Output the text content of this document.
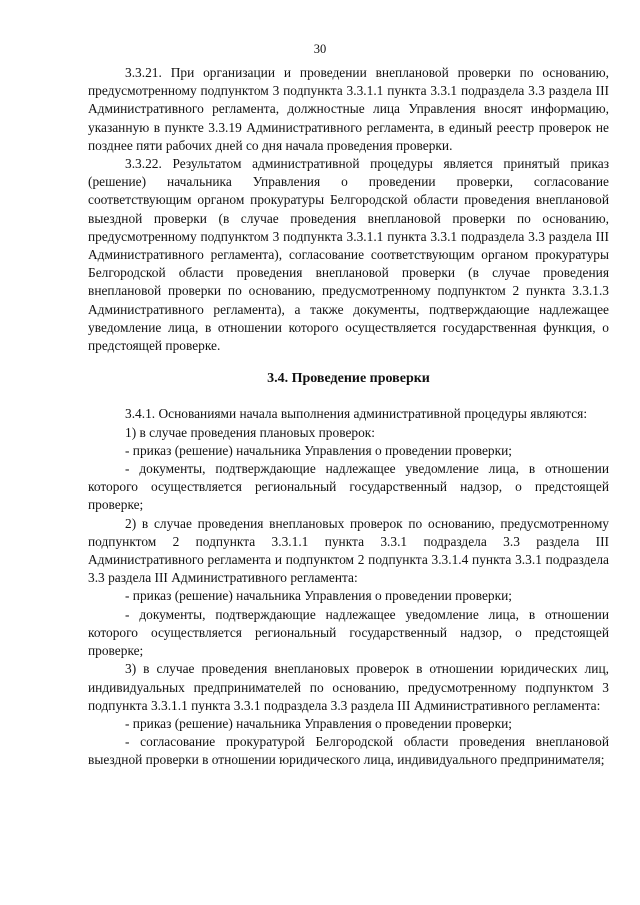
30

3.3.21. При организации и проведении внеплановой проверки по основанию, предусмотренному подпунктом 3 подпункта 3.3.1.1 пункта 3.3.1 подраздела 3.3 раздела III Административного регламента, должностные лица Управления вносят информацию, указанную в пункте 3.3.19 Административного регламента, в единый реестр проверок не позднее пяти рабочих дней со дня начала проведения проверки.

3.3.22. Результатом административной процедуры является принятый приказ (решение) начальника Управления о проведении проверки, согласование соответствующим органом прокуратуры Белгородской области проведения внеплановой выездной проверки (в случае проведения внеплановой проверки по основанию, предусмотренному подпунктом 3 подпункта 3.3.1.1 пункта 3.3.1 подраздела 3.3 раздела III Административного регламента), согласование соответствующим органом прокуратуры Белгородской области проведения внеплановой проверки (в случае проведения внеплановой проверки по основанию, предусмотренному подпунктом 2 пункта 3.3.1.3 Административного регламента), а также документы, подтверждающие надлежащее уведомление лица, в отношении которого осуществляется государственная функция, о предстоящей проверке.

3.4. Проведение проверки

3.4.1. Основаниями начала выполнения административной процедуры являются:

1) в случае проведения плановых проверок:

- приказ (решение) начальника Управления о проведении проверки;

- документы, подтверждающие надлежащее уведомление лица, в отношении которого осуществляется региональный государственный надзор, о предстоящей проверке;

2) в случае проведения внеплановых проверок по основанию, предусмотренному подпунктом 2 подпункта 3.3.1.1 пункта 3.3.1 подраздела 3.3 раздела III Административного регламента и подпунктом 2 подпункта 3.3.1.4 пункта 3.3.1 подраздела 3.3 раздела III Административного регламента:

- приказ (решение) начальника Управления о проведении проверки;

- документы, подтверждающие надлежащее уведомление лица, в отношении которого осуществляется региональный государственный надзор, о предстоящей проверке;

3) в случае проведения внеплановых проверок в отношении юридических лиц, индивидуальных предпринимателей по основанию, предусмотренному подпунктом 3 подпункта 3.3.1.1 пункта 3.3.1 подраздела 3.3 раздела III Административного регламента:

- приказ (решение) начальника Управления о проведении проверки;

- согласование прокуратурой Белгородской области проведения внеплановой выездной проверки в отношении юридического лица, индивидуального предпринимателя;
